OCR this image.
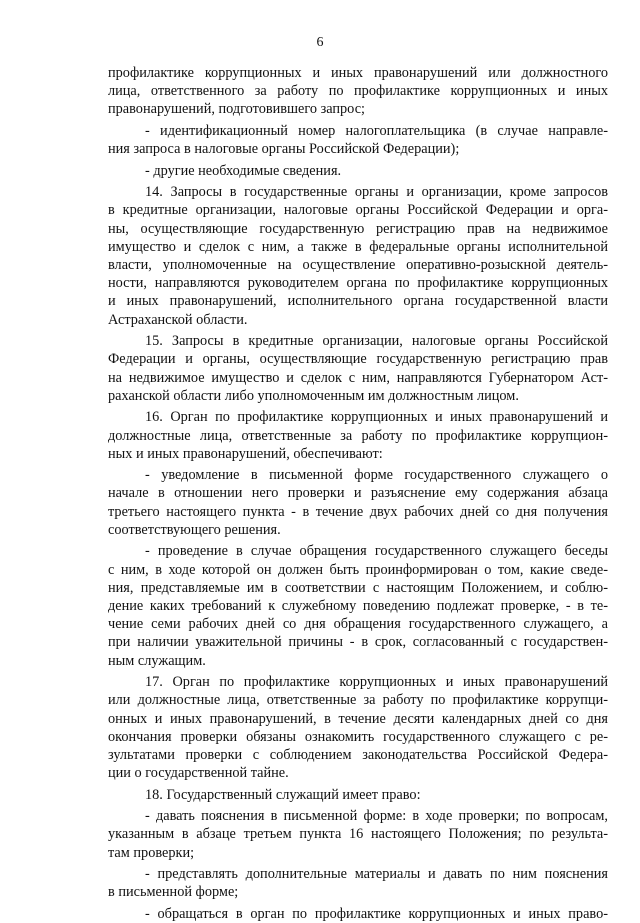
6
профилактике коррупционных и иных правонарушений или должностного
лица, ответственного за работу по профилактике коррупционных и иных
правонарушений, подготовившего запрос;
- идентификационный номер налогоплательщика (в случае направле-
ния запроса в налоговые органы Российской Федерации);
- другие необходимые сведения.
14. Запросы в государственные органы и организации, кроме запросов
в кредитные организации, налоговые органы Российской Федерации и орга-
ны, осуществляющие государственную регистрацию прав на недвижимое
имущество и сделок с ним, а также в федеральные органы исполнительной
власти, уполномоченные на осуществление оперативно-розыскной деятель-
ности, направляются руководителем органа по профилактике коррупционных
и иных правонарушений, исполнительного органа государственной власти
Астраханской области.
15. Запросы в кредитные организации, налоговые органы Российской
Федерации и органы, осуществляющие государственную регистрацию прав
на недвижимое имущество и сделок с ним, направляются Губернатором Аст-
раханской области либо уполномоченным им должностным лицом.
16. Орган по профилактике коррупционных и иных правонарушений и
должностные лица, ответственные за работу по профилактике коррупцион-
ных и иных правонарушений, обеспечивают:
- уведомление в письменной форме государственного служащего о
начале в отношении него проверки и разъяснение ему содержания абзаца
третьего настоящего пункта - в течение двух рабочих дней со дня получения
соответствующего решения.
- проведение в случае обращения государственного служащего беседы
с ним, в ходе которой он должен быть проинформирован о том, какие сведе-
ния, представляемые им в соответствии с настоящим Положением, и соблю-
дение каких требований к служебному поведению подлежат проверке, - в те-
чение семи рабочих дней со дня обращения государственного служащего, а
при наличии уважительной причины - в срок, согласованный с государствен-
ным служащим.
17. Орган по профилактике коррупционных и иных правонарушений
или должностные лица, ответственные за работу по профилактике коррупци-
онных и иных правонарушений, в течение десяти календарных дней со дня
окончания проверки обязаны ознакомить государственного служащего с ре-
зультатами проверки с соблюдением законодательства Российской Федера-
ции о государственной тайне.
18. Государственный служащий имеет право:
- давать пояснения в письменной форме: в ходе проверки; по вопросам,
указанным в абзаце третьем пункта 16 настоящего Положения; по результа-
там проверки;
- представлять дополнительные материалы и давать по ним пояснения
в письменной форме;
- обращаться в орган по профилактике коррупционных и иных право-
